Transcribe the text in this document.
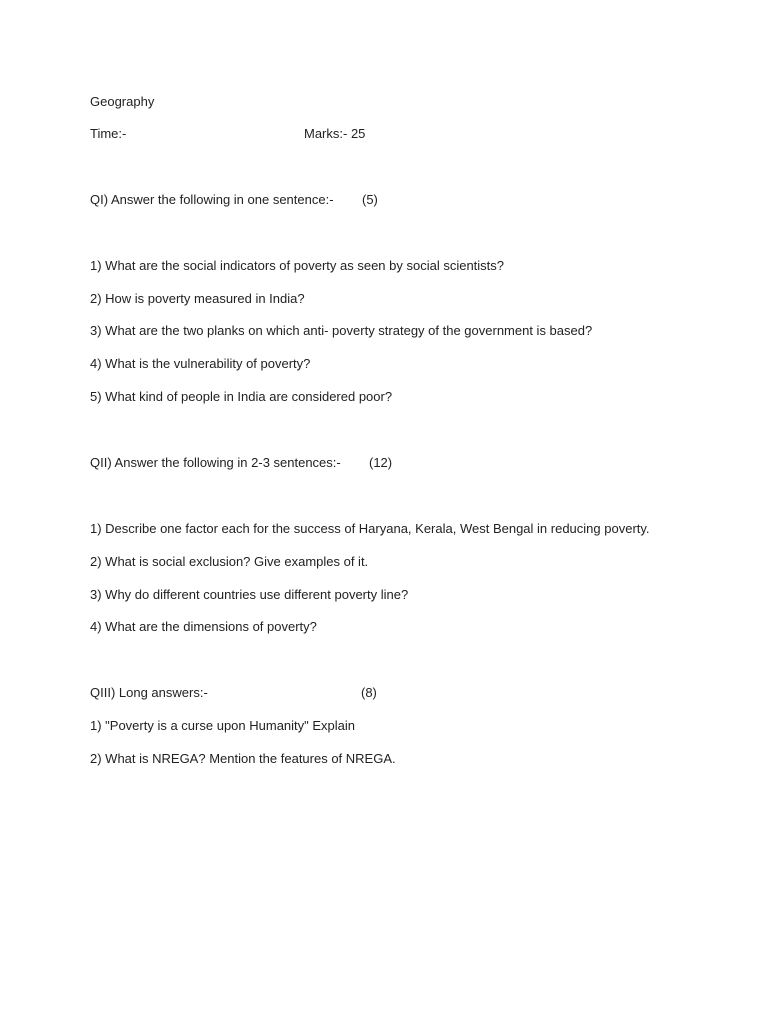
Geography
Time:-	Marks:- 25
QI) Answer the following in one sentence:- (5)
1) What are the social indicators of poverty as seen by social scientists?
2) How is poverty measured in India?
3) What are the two planks on which anti- poverty strategy of the government is based?
4) What is the vulnerability of poverty?
5) What kind of people in India are considered poor?
QII) Answer the following in 2-3 sentences:- (12)
1) Describe one factor each for the success of Haryana, Kerala, West Bengal in reducing poverty.
2) What is social exclusion? Give examples of it.
3) Why do different countries use different poverty line?
4) What are the dimensions of poverty?
QIII) Long answers:-	(8)
1) "Poverty is a curse upon Humanity" Explain
2) What is NREGA? Mention the features of NREGA.
